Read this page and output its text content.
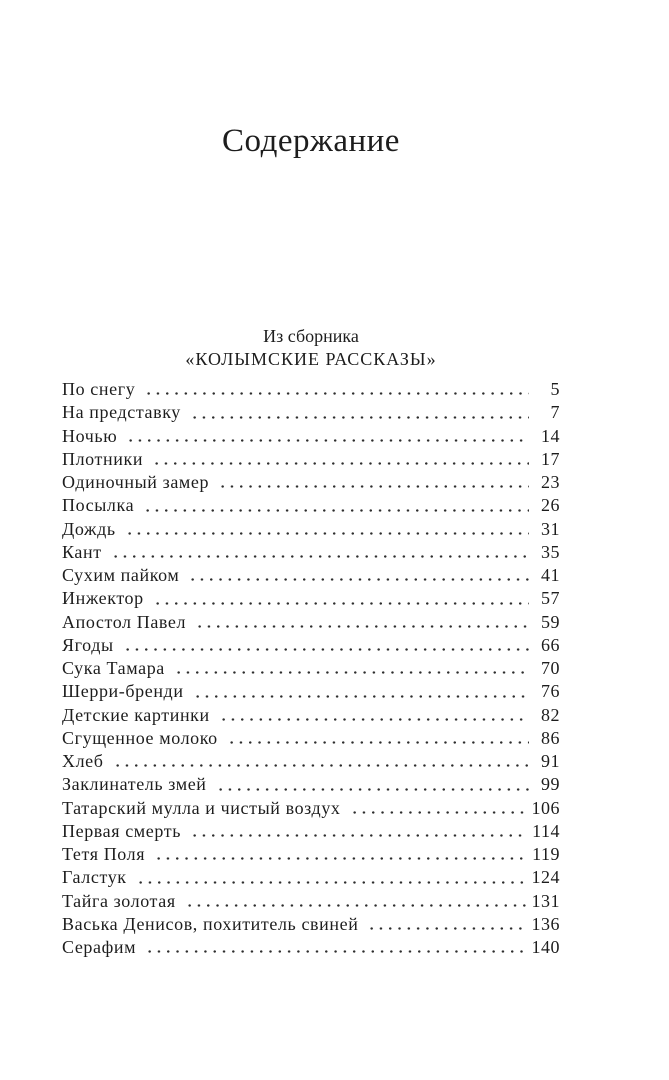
Содержание
Из сборника
«КОЛЫМСКИЕ РАССКАЗЫ»
По снегу	5
На представку	7
Ночью	14
Плотники	17
Одиночный замер	23
Посылка	26
Дождь	31
Кант	35
Сухим пайком	41
Инжектор	57
Апостол Павел	59
Ягоды	66
Сука Тамара	70
Шерри-бренди	76
Детские картинки	82
Сгущенное молоко	86
Хлеб	91
Заклинатель змей	99
Татарский мулла и чистый воздух	106
Первая смерть	114
Тетя Поля	119
Галстук	124
Тайга золотая	131
Васька Денисов, похититель свиней	136
Серафим	140
